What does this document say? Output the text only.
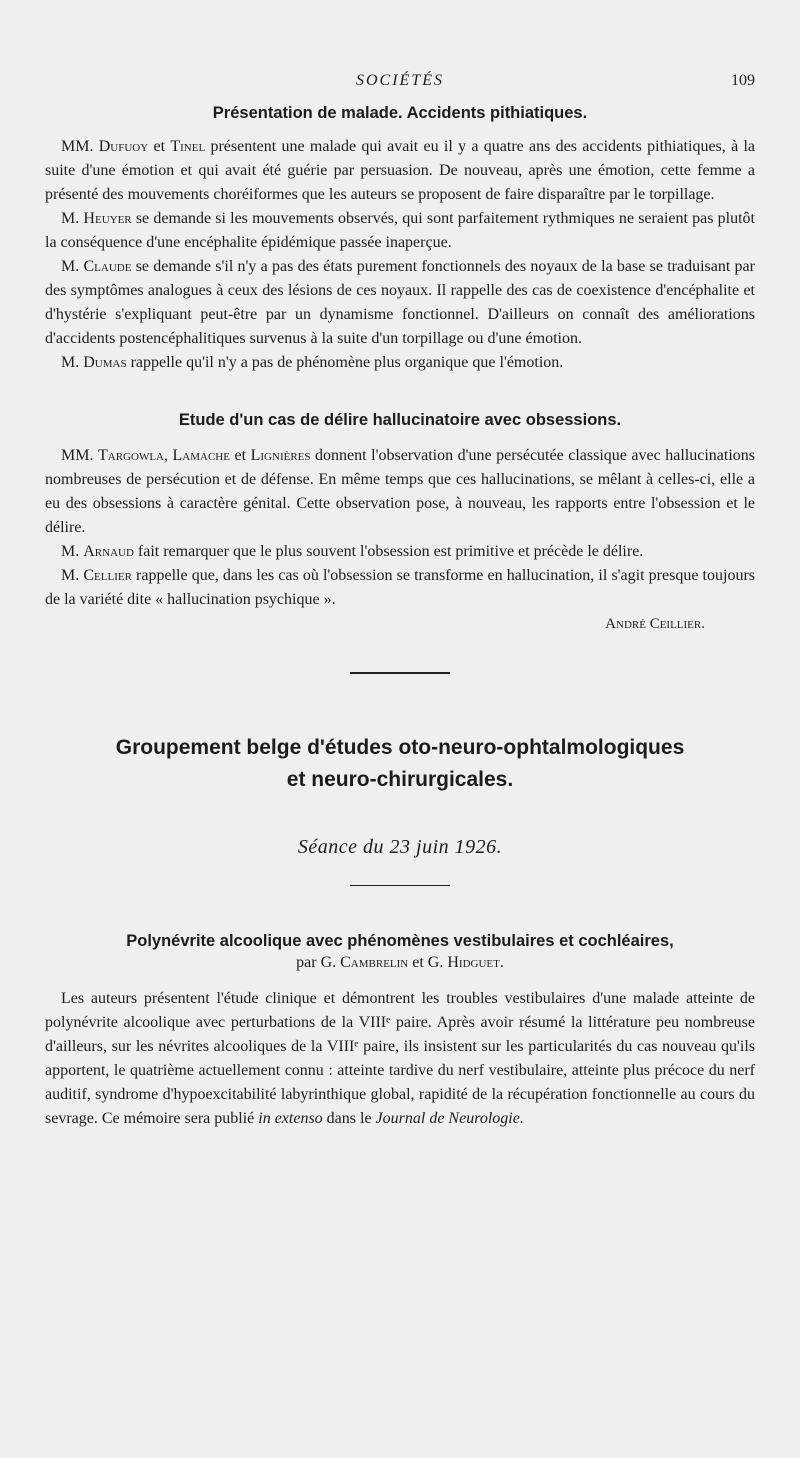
SOCIÉTÉS	109
Présentation de malade. Accidents pithiatiques.

MM. Dufuoy et Tinel présentent une malade qui avait eu il y a quatre ans des accidents pithiatiques, à la suite d'une émotion et qui avait été guérie par persuasion. De nouveau, après une émotion, cette femme a présenté des mouvements choréiformes que les auteurs se proposent de faire disparaître par le torpillage.

M. Heuyer se demande si les mouvements observés, qui sont parfaitement rythmiques ne seraient pas plutôt la conséquence d'une encéphalite épidémique passée inaperçue.

M. Claude se demande s'il n'y a pas des états purement fonctionnels des noyaux de la base se traduisant par des symptômes analogues à ceux des lésions de ces noyaux. Il rappelle des cas de coexistence d'encéphalite et d'hystérie s'expliquant peut-être par un dynamisme fonctionnel. D'ailleurs on connaît des améliorations d'accidents postencéphalitiques survenus à la suite d'un torpillage ou d'une émotion.

M. Dumas rappelle qu'il n'y a pas de phénomène plus organique que l'émotion.

Etude d'un cas de délire hallucinatoire avec obsessions.

MM. Targowla, Lamache et Lignières donnent l'observation d'une persécutée classique avec hallucinations nombreuses de persécution et de défense. En même temps que ces hallucinations, se mêlant à celles-ci, elle a eu des obsessions à caractère génital. Cette observation pose, à nouveau, les rapports entre l'obsession et le délire.

M. Arnaud fait remarquer que le plus souvent l'obsession est primitive et précède le délire.

M. Cellier rappelle que, dans les cas où l'obsession se transforme en hallucination, il s'agit presque toujours de la variété dite « hallucination psychique ».

André Ceillier.
Groupement belge d'études oto-neuro-ophtalmologiques
et neuro-chirurgicales.
Séance du 23 juin 1926.
Polynévrite alcoolique avec phénomènes vestibulaires et cochléaires,
par G. Cambrelin et G. Hidguet.

Les auteurs présentent l'étude clinique et démontrent les troubles vestibulaires d'une malade atteinte de polynévrite alcoolique avec perturbations de la VIIIᵉ paire. Après avoir résumé la littérature peu nombreuse d'ailleurs, sur les névrites alcooliques de la VIIIᵉ paire, ils insistent sur les particularités du cas nouveau qu'ils apportent, le quatrième actuellement connu : atteinte tardive du nerf vestibulaire, atteinte plus précoce du nerf auditif, syndrome d'hypoexcitabilité labyrinthique global, rapidité de la récupération fonctionnelle au cours du sevrage. Ce mémoire sera publié in extenso dans le Journal de Neurologie.
